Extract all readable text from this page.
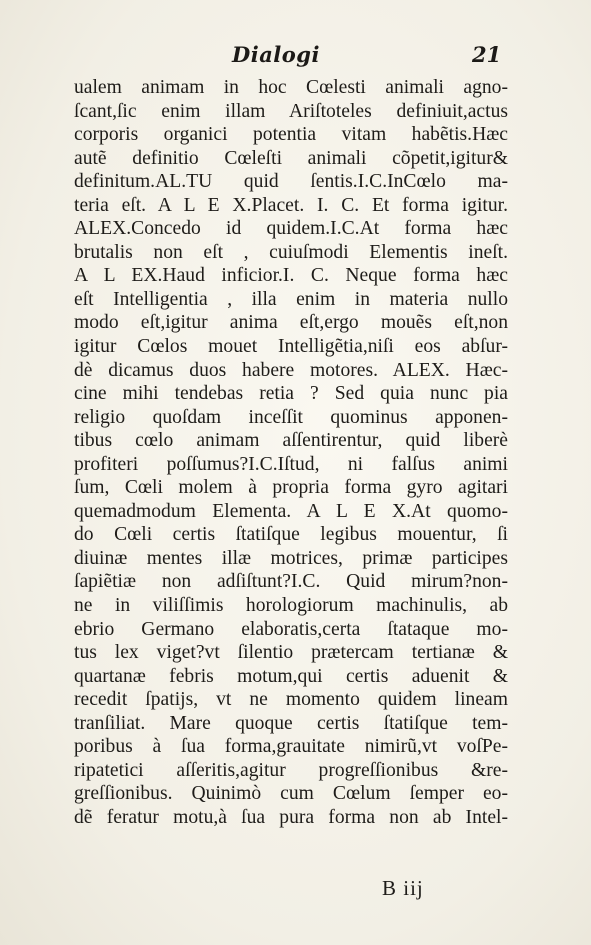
Dialogi	21
ualem animam in hoc Cœlesti animali agno-
ſcant,ſic enim illam Ariſtoteles definiuit,actus
corporis organici potentia vitam habẽtis.Hæc
autẽ definitio Cœleſti animali cõpetit,igitur&
definitum.AL.TU quid ſentis.I.C.InCœlo ma-
teria eſt. A L E X.Placet. I. C. Et forma igitur.
ALEX.Concedo id quidem.I.C.At forma hæc
brutalis non eſt , cuiuſmodi Elementis ineſt.
A L EX.Haud inficior.I. C. Neque forma hæc
eſt Intelligentia , illa enim in materia nullo
modo eſt,igitur anima eſt,ergo mouẽs eſt,non
igitur Cœlos mouet Intelligẽtia,niſi eos abſur-
dè dicamus duos habere motores. ALEX. Hæc-
cine mihi tendebas retia ? Sed quia nunc pia
religio quoſdam inceſſit quominus apponen-
tibus cœlo animam aſſentirentur, quid liberè
profiteri poſſumus?I.C.Iſtud, ni falſus animi
ſum, Cœli molem à propria forma gyro agitari
quemadmodum Elementa. A L E X.At quomo-
do Cœli certis ſtatiſque legibus mouentur, ſi
diuinæ mentes illæ motrices, primæ participes
ſapiẽtiæ non adſiſtunt?I.C. Quid mirum?non-
ne in viliſſimis horologiorum machinulis, ab
ebrio Germano elaboratis,certa ſtataque mo-
tus lex viget?vt ſilentio prætercam tertianæ &
quartanæ febris motum,qui certis aduenit &
recedit ſpatijs, vt ne momento quidem lineam
tranſiliat. Mare quoque certis ſtatiſque tem-
poribus à ſua forma,grauitate nimirũ,vt voſPe-
ripatetici aſſeritis,agitur progreſſionibus &re-
greſſionibus. Quinimò cum Cœlum ſemper eo-
dẽ feratur motu,à ſua pura forma non ab Intel-
B iij
